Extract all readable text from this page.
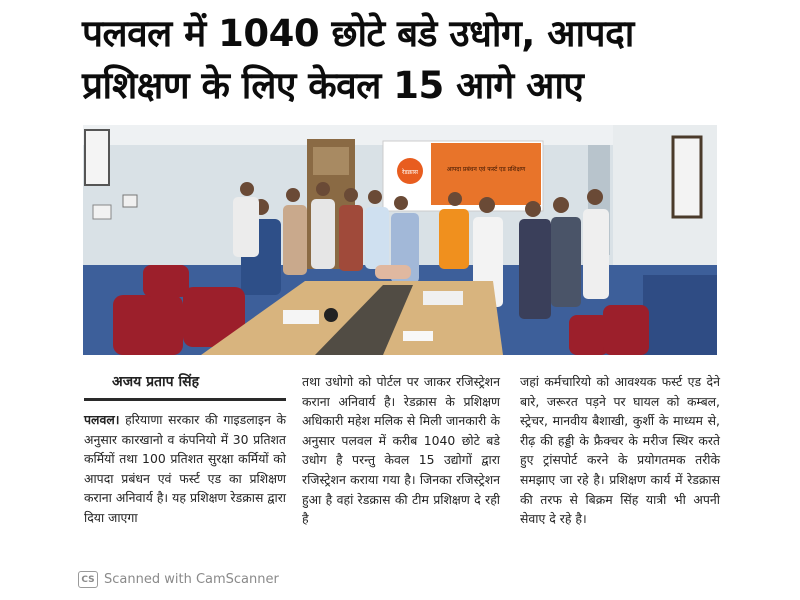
पलवल में 1040 छोटे बडे उधोग, आपदा
प्रशिक्षण के लिए केवल 15 आगे आए
रेडक्रास	आपदा प्रबंधन एवं फर्स्ट एड प्रशिक्षण
अजय प्रताप सिंह

पलवल। हरियाणा सरकार की गाइडलाइन के अनुसार कारखानो व कंपनियो में 30 प्रतिशत कर्मियों तथा 100 प्रतिशत सुरक्षा कर्मियों को आपदा प्रबंधन एवं फर्स्ट एड का प्रशिक्षण कराना अनिवार्य है। यह प्रशिक्षण रेडक्रास द्वारा दिया जाएगा

तथा उधोगो को पोर्टल पर जाकर रजिस्ट्रेशन कराना अनिवार्य है। रेडक्रास के प्रशिक्षण अधिकारी महेश मलिक से मिली जानकारी के अनुसार पलवल में करीब 1040 छोटे बडे उधोग है परन्तु केवल 15 उद्योगों द्वारा रजिस्ट्रेशन कराया गया है। जिनका रजिस्ट्रेशन हुआ है वहां रेडक्रास की टीम प्रशिक्षण दे रही है

जहां कर्मचारियो को आवश्यक फर्स्ट एड देने बारे, जरूरत पड़ने पर घायल को कम्बल, स्ट्रेचर, मानवीय बैशाखी, कुर्शी के माध्यम से, रीढ़ की हड्डी के फ्रैक्चर के मरीज स्थिर करते हुए ट्रांसपोर्ट करने के प्रयोगतमक तरीके समझाए जा रहे है। प्रशिक्षण कार्य में रेडक्रास की तरफ से बिक्रम सिंह यात्री भी अपनी सेवाए दे रहे है।

CS Scanned with CamScanner
